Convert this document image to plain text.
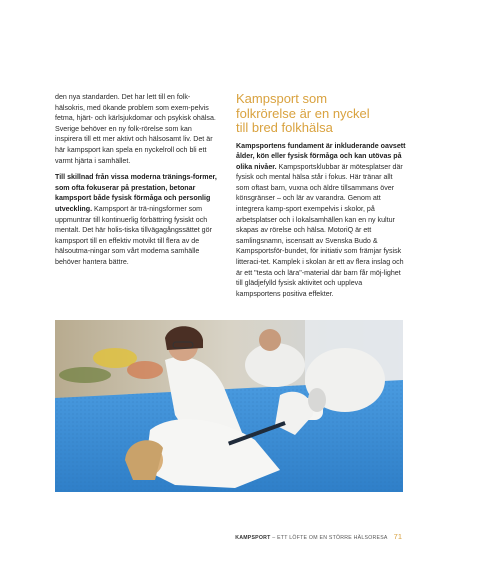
den nya standarden. Det har lett till en folk-hälsokris, med ökande problem som exem-pelvis fetma, hjärt- och kärlsjukdomar och psykisk ohälsa. Sverige behöver en ny folk-rörelse som kan inspirera till ett mer aktivt och hälsosamt liv. Det är här kampsport kan spela en nyckelroll och bli ett varmt hjärta i samhället.

Till skillnad från vissa moderna tränings-former, som ofta fokuserar på prestation, betonar kampsport både fysisk förmåga och personlig utveckling. Kampsport är trä-ningsformer som uppmuntrar till kontinuerlig förbättring fysiskt och mentalt. Det här holis-tiska tillvägagångssättet gör kampsport till en effektiv motvikt till flera av de hälsoutma-ningar som vårt moderna samhälle behöver hantera bättre.

Kampsport som
folkrörelse är en nyckel
till bred folkhälsa

Kampsportens fundament är inkluderande oavsett ålder, kön eller fysisk förmåga och kan utövas på olika nivåer. Kampsportsklubbar är mötesplatser där fysisk och mental hälsa står i fokus. Här tränar allt som oftast barn, vuxna och äldre tillsammans över könsgränser – och lär av varandra. Genom att integrera kamp-sport exempelvis i skolor, på arbetsplatser och i lokalsamhällen kan en ny kultur skapas av rörelse och hälsa. MotoriQ är ett samlingsnamn, iscensatt av Svenska Budo & Kampsportsför-bundet, för initiativ som främjar fysisk litteraci-tet. Kamplek i skolan är ett av flera inslag och är ett "testa och lära"-material där barn får möj-lighet till glädjefylld fysisk aktivitet och uppleva kampsportens positiva effekter.

KAMPSPORT – ETT LÖFTE OM EN STÖRRE HÄLSORESA 71
